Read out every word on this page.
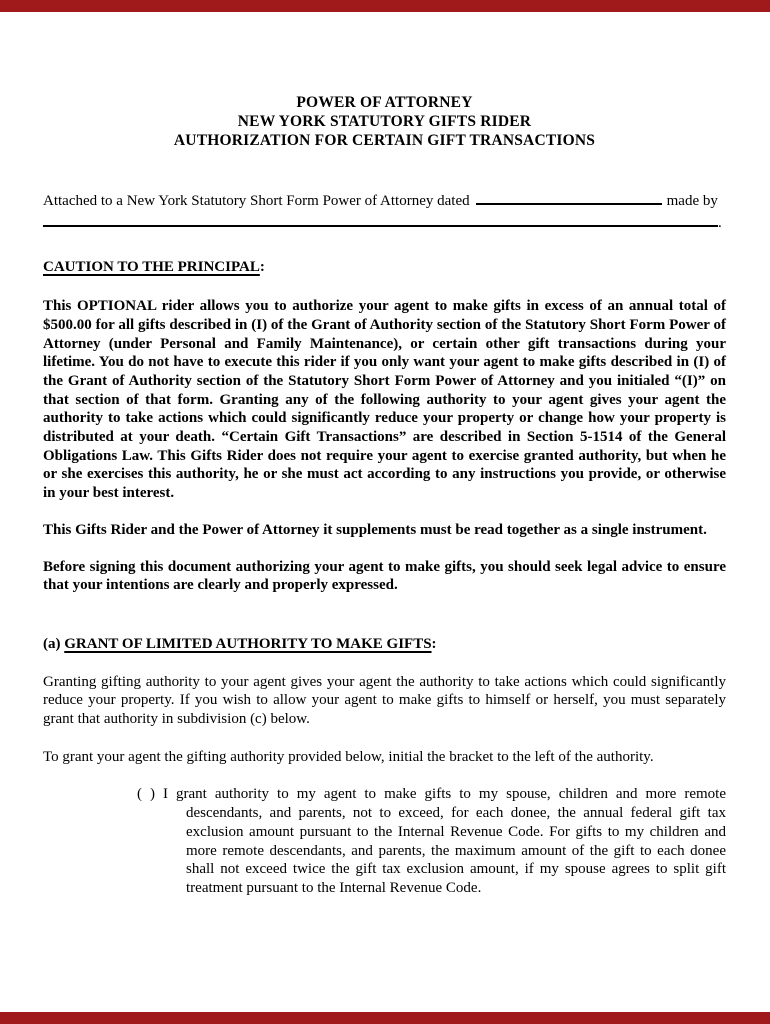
POWER OF ATTORNEY
NEW YORK STATUTORY GIFTS RIDER
AUTHORIZATION FOR CERTAIN GIFT TRANSACTIONS

Attached to a New York Statutory Short Form Power of Attorney dated	made by

.

CAUTION TO THE PRINCIPAL:

This OPTIONAL rider allows you to authorize your agent to make gifts in excess of an annual total of $500.00 for all gifts described in (I) of the Grant of Authority section of the Statutory Short Form Power of Attorney (under Personal and Family Maintenance), or certain other gift transactions during your lifetime. You do not have to execute this rider if you only want your agent to make gifts described in (I) of the Grant of Authority section of the Statutory Short Form Power of Attorney and you initialed “(I)” on that section of that form. Granting any of the following authority to your agent gives your agent the authority to take actions which could significantly reduce your property or change how your property is distributed at your death. “Certain Gift Transactions” are described in Section 5-1514 of the General Obligations Law. This Gifts Rider does not require your agent to exercise granted authority, but when he or she exercises this authority, he or she must act according to any instructions you provide, or otherwise in your best interest.

This Gifts Rider and the Power of Attorney it supplements must be read together as a single instrument.

Before signing this document authorizing your agent to make gifts, you should seek legal advice to ensure that your intentions are clearly and properly expressed.

(a) GRANT OF LIMITED AUTHORITY TO MAKE GIFTS:

Granting gifting authority to your agent gives your agent the authority to take actions which could significantly reduce your property. If you wish to allow your agent to make gifts to himself or herself, you must separately grant that authority in subdivision (c) below.

To grant your agent the gifting authority provided below, initial the bracket to the left of the authority.

( ) I grant authority to my agent to make gifts to my spouse, children and more remote descendants, and parents, not to exceed, for each donee, the annual federal gift tax exclusion amount pursuant to the Internal Revenue Code. For gifts to my children and more remote descendants, and parents, the maximum amount of the gift to each donee shall not exceed twice the gift tax exclusion amount, if my spouse agrees to split gift treatment pursuant to the Internal Revenue Code.
